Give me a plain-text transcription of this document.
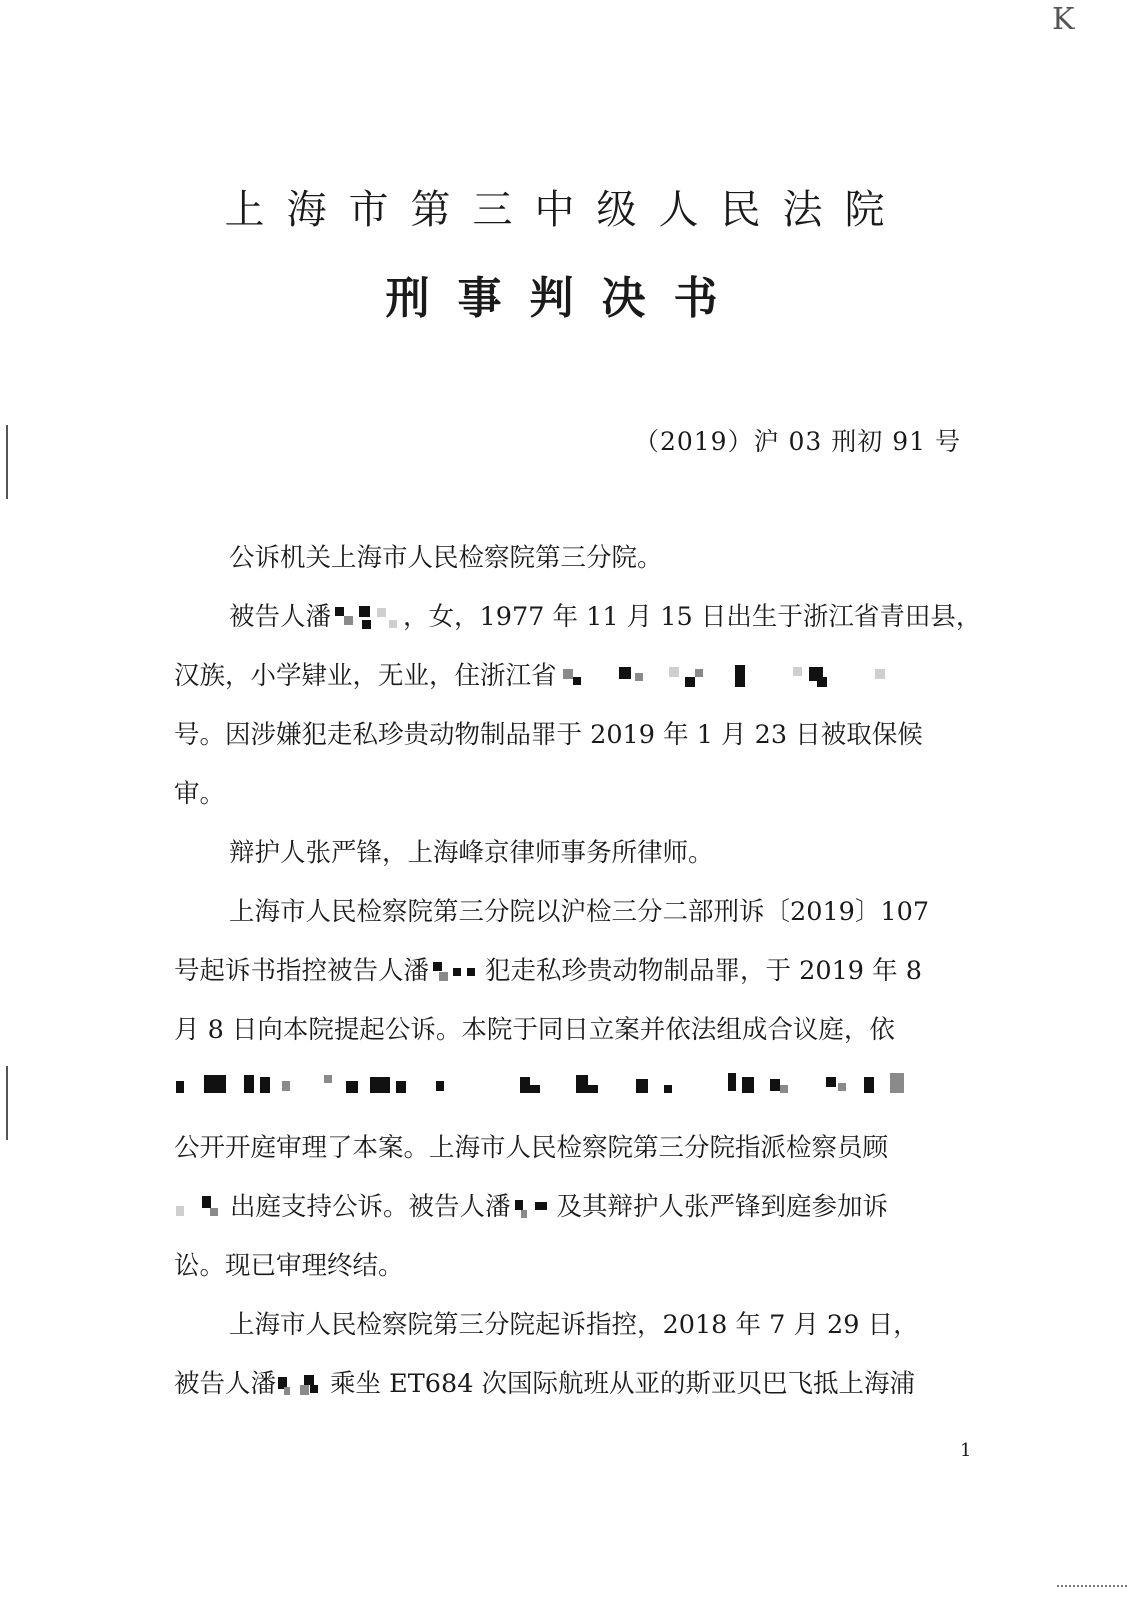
K
上海市第三中级人民法院
刑事判决书
（2019）沪 03 刑初 91 号
公诉机关上海市人民检察院第三分院。
被告人潘	，女，1977 年 11 月 15 日出生于浙江省青田县，
汉族，小学肄业，无业，住浙江省
号。因涉嫌犯走私珍贵动物制品罪于 2019 年 1 月 23 日被取保候
审。
辩护人张严锋，上海峰京律师事务所律师。
上海市人民检察院第三分院以沪检三分二部刑诉〔2019〕107
号起诉书指控被告人潘 犯走私珍贵动物制品罪，于 2019 年 8
月 8 日向本院提起公诉。本院于同日立案并依法组成合议庭，依
公开开庭审理了本案。上海市人民检察院第三分院指派检察员顾
出庭支持公诉。被告人潘 及其辩护人张严锋到庭参加诉
讼。现已审理终结。
上海市人民检察院第三分院起诉指控，2018 年 7 月 29 日，
被告人潘 乘坐 ET684 次国际航班从亚的斯亚贝巴飞抵上海浦
1
